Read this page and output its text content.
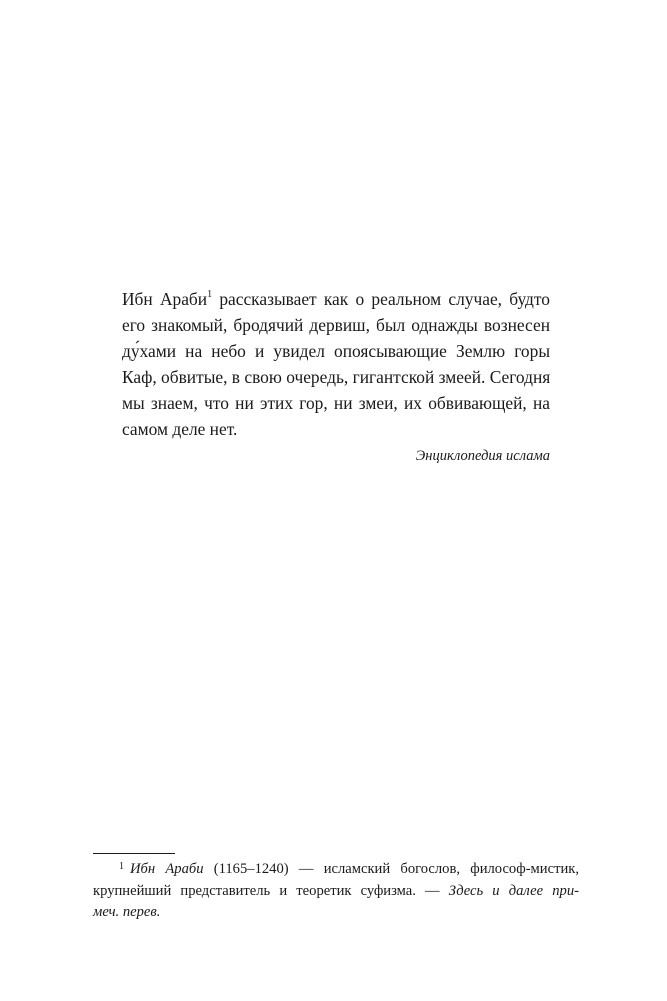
Ибн Араби$^1$ рассказывает как о реальном случае, будто
его знакомый, бродячий дервиш, был однажды вознесен
ду́хами на небо и увидел опоясывающие Землю горы
Каф, обвитые, в свою очередь, гигантской змеей. Сегодня
мы знаем, что ни этих гор, ни змеи, их обвивающей, на
самом деле нет.
Энциклопедия ислама
$^1$ Ибн Араби (1165–1240) — исламский богослов, философ-мистик,
крупнейший представитель и теоретик суфизма. — Здесь и далее при-
меч. перев.
